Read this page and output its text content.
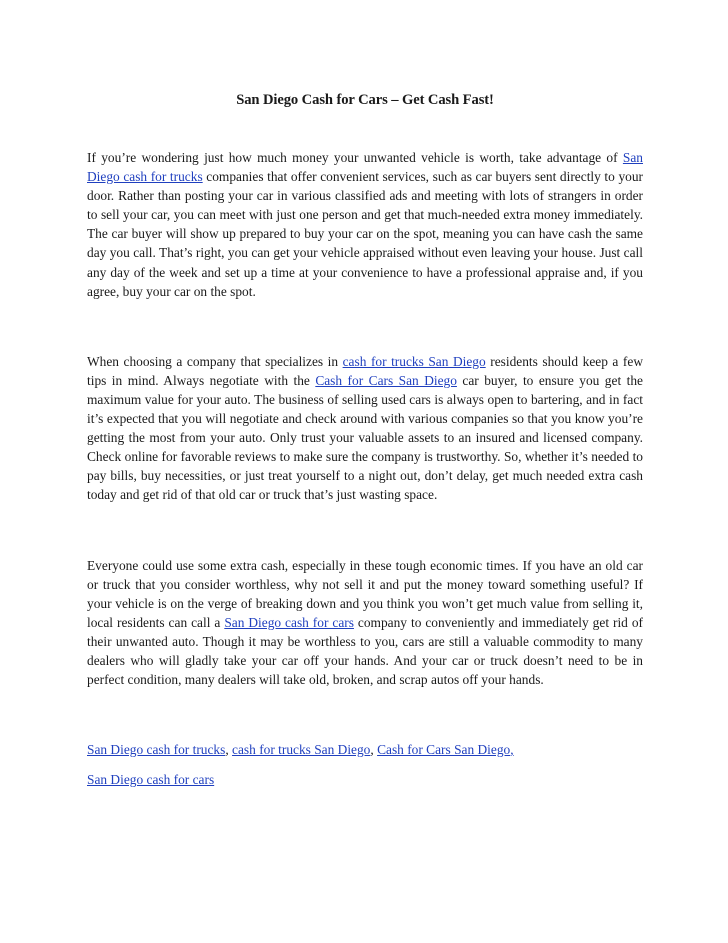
San Diego Cash for Cars – Get Cash Fast!

If you’re wondering just how much money your unwanted vehicle is worth, take advantage of San Diego cash for trucks companies that offer convenient services, such as car buyers sent directly to your door. Rather than posting your car in various classified ads and meeting with lots of strangers in order to sell your car, you can meet with just one person and get that much-needed extra money immediately. The car buyer will show up prepared to buy your car on the spot, meaning you can have cash the same day you call. That’s right, you can get your vehicle appraised without even leaving your house. Just call any day of the week and set up a time at your convenience to have a professional appraise and, if you agree, buy your car on the spot.

When choosing a company that specializes in cash for trucks San Diego residents should keep a few tips in mind. Always negotiate with the Cash for Cars San Diego car buyer, to ensure you get the maximum value for your auto. The business of selling used cars is always open to bartering, and in fact it’s expected that you will negotiate and check around with various companies so that you know you’re getting the most from your auto. Only trust your valuable assets to an insured and licensed company. Check online for favorable reviews to make sure the company is trustworthy. So, whether it’s needed to pay bills, buy necessities, or just treat yourself to a night out, don’t delay, get much needed extra cash today and get rid of that old car or truck that’s just wasting space.

Everyone could use some extra cash, especially in these tough economic times. If you have an old car or truck that you consider worthless, why not sell it and put the money toward something useful? If your vehicle is on the verge of breaking down and you think you won’t get much value from selling it, local residents can call a San Diego cash for cars company to conveniently and immediately get rid of their unwanted auto. Though it may be worthless to you, cars are still a valuable commodity to many dealers who will gladly take your car off your hands. And your car or truck doesn’t need to be in perfect condition, many dealers will take old, broken, and scrap autos off your hands.

San Diego cash for trucks, cash for trucks San Diego, Cash for Cars San Diego,

San Diego cash for cars
